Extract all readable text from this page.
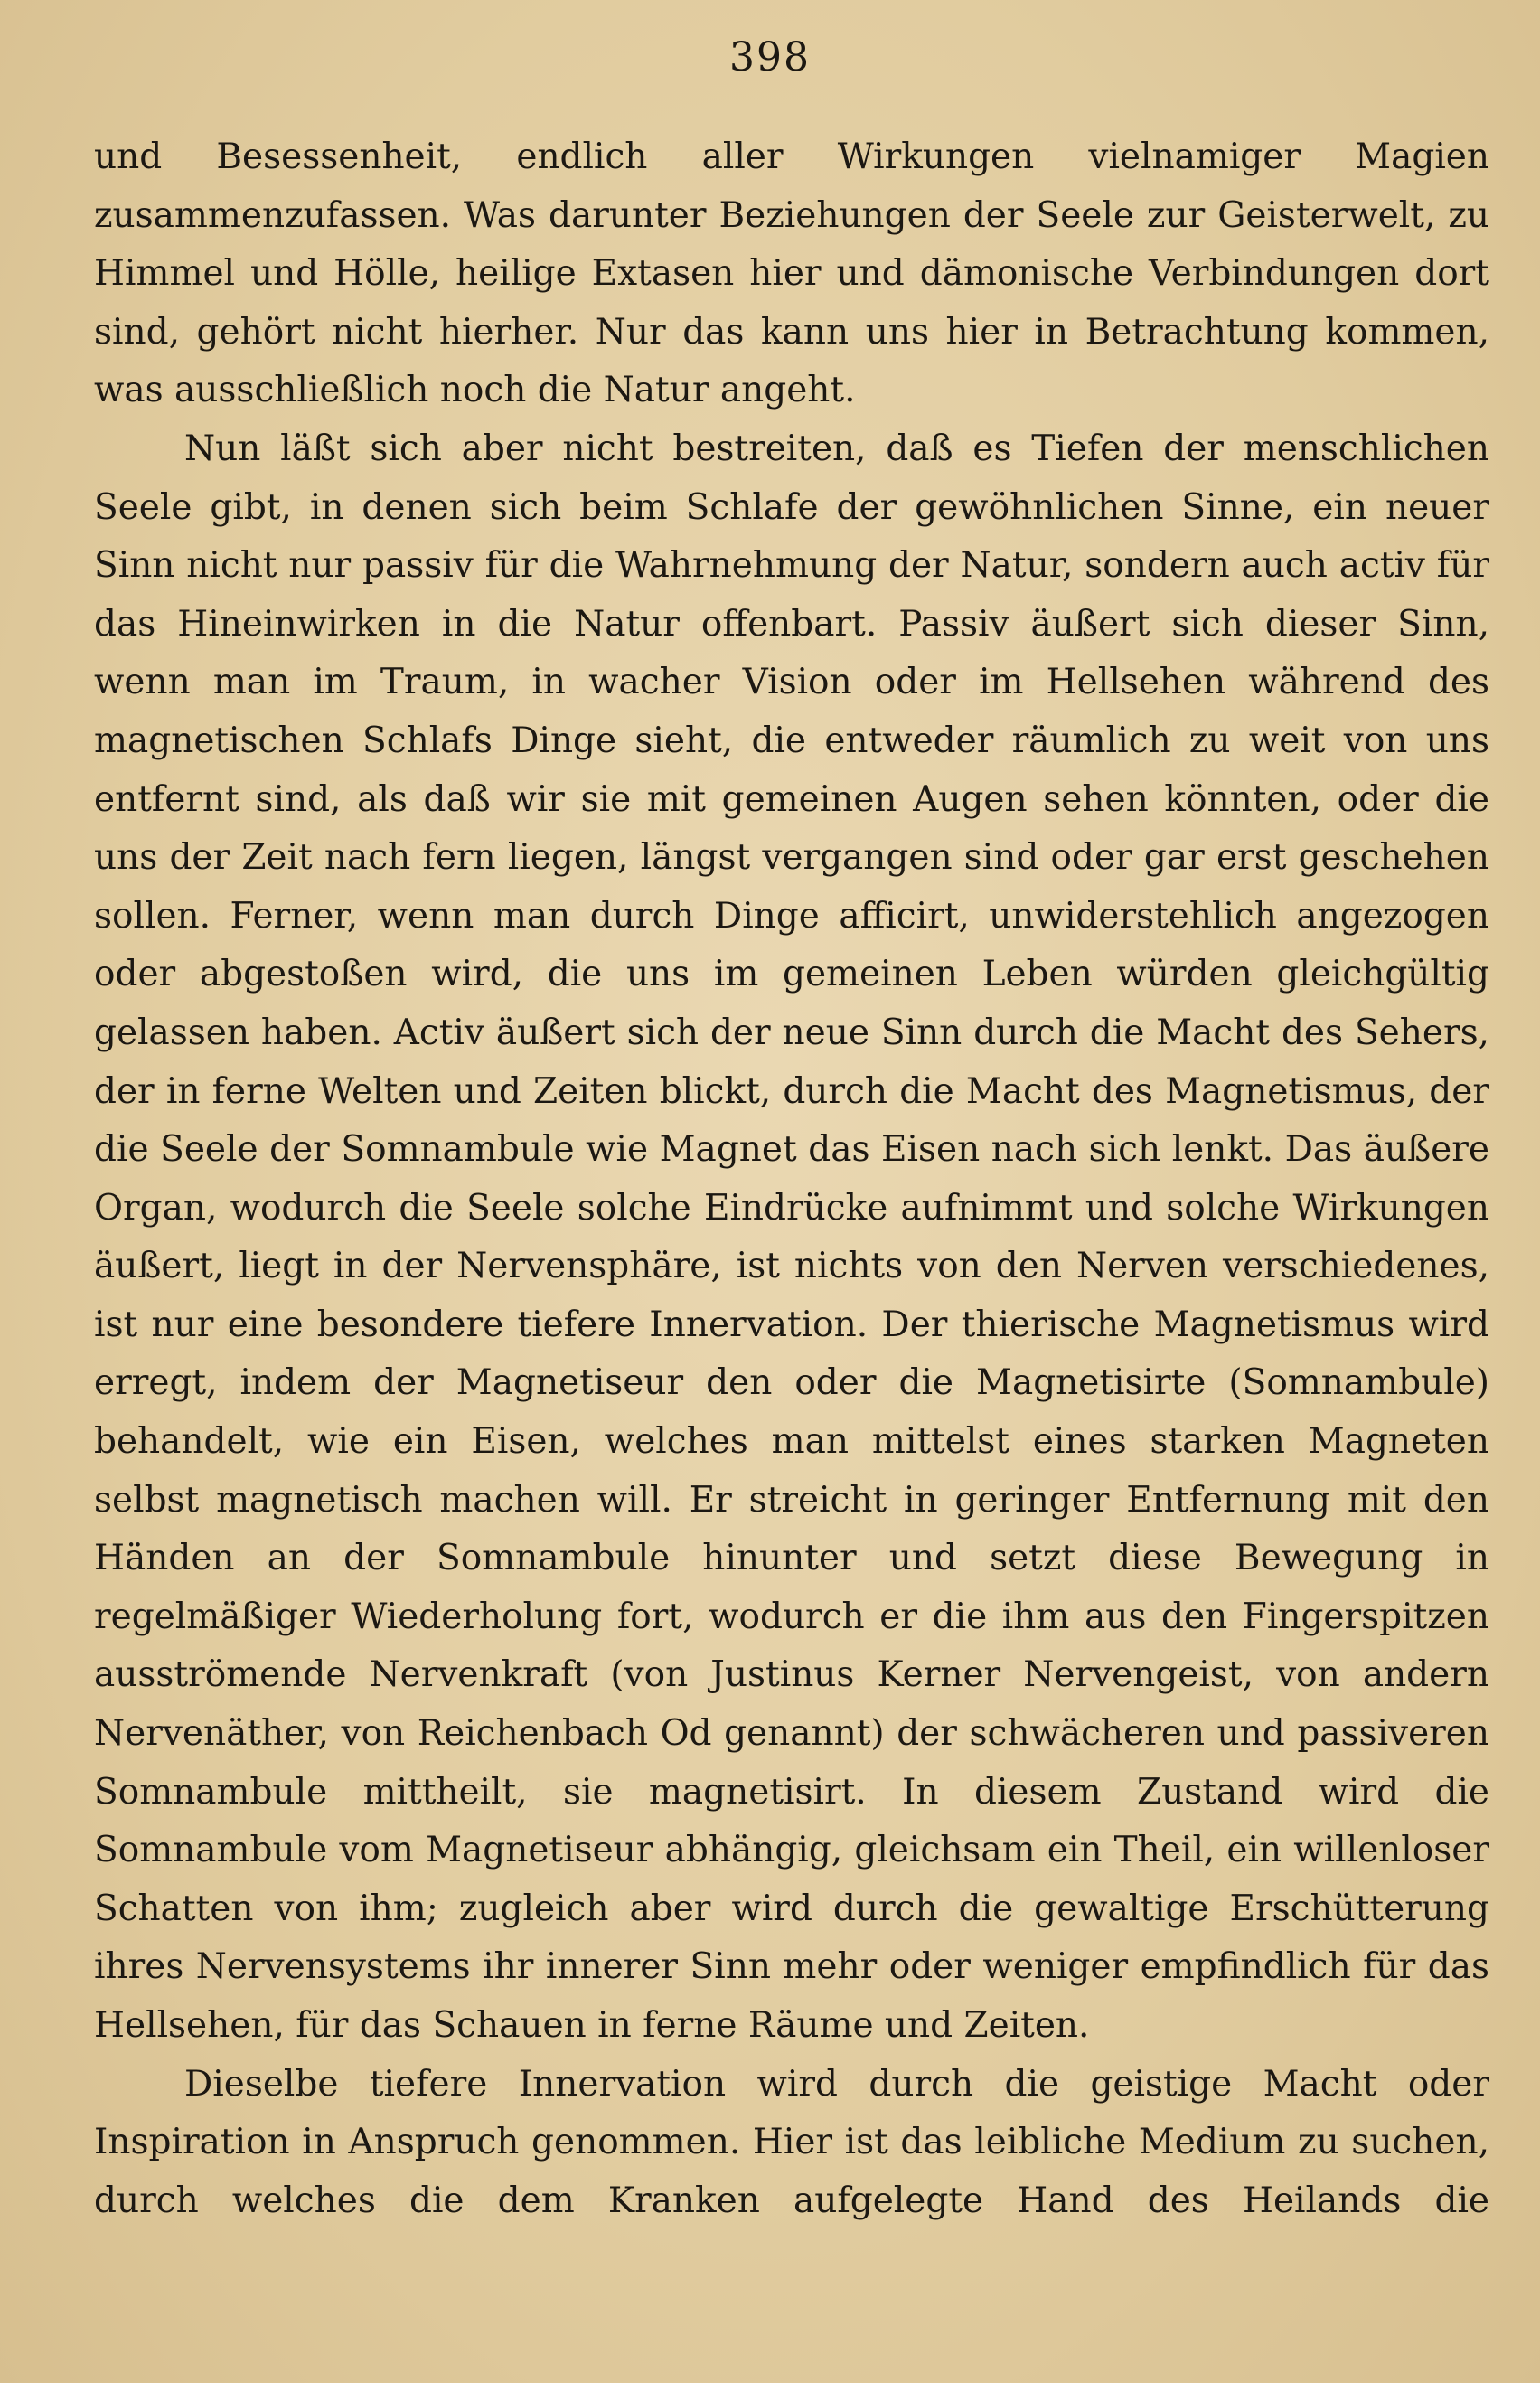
398

und Besessenheit, endlich aller Wirkungen vielnamiger Magien zusammenzufassen. Was darunter Beziehungen der Seele zur Geisterwelt, zu Himmel und Hölle, heilige Extasen hier und dämonische Verbindungen dort sind, gehört nicht hierher. Nur das kann uns hier in Betrachtung kommen, was ausschließlich noch die Natur angeht.

Nun läßt sich aber nicht bestreiten, daß es Tiefen der menschlichen Seele gibt, in denen sich beim Schlafe der gewöhnlichen Sinne, ein neuer Sinn nicht nur passiv für die Wahrnehmung der Natur, sondern auch activ für das Hineinwirken in die Natur offenbart. Passiv äußert sich dieser Sinn, wenn man im Traum, in wacher Vision oder im Hellsehen während des magnetischen Schlafs Dinge sieht, die entweder räumlich zu weit von uns entfernt sind, als daß wir sie mit gemeinen Augen sehen könnten, oder die uns der Zeit nach fern liegen, längst vergangen sind oder gar erst geschehen sollen. Ferner, wenn man durch Dinge afficirt, unwiderstehlich angezogen oder abgestoßen wird, die uns im gemeinen Leben würden gleichgültig gelassen haben. Activ äußert sich der neue Sinn durch die Macht des Sehers, der in ferne Welten und Zeiten blickt, durch die Macht des Magnetismus, der die Seele der Somnambule wie Magnet das Eisen nach sich lenkt. Das äußere Organ, wodurch die Seele solche Eindrücke aufnimmt und solche Wirkungen äußert, liegt in der Nervensphäre, ist nichts von den Nerven verschiedenes, ist nur eine besondere tiefere Innervation. Der thierische Magnetismus wird erregt, indem der Magnetiseur den oder die Magnetisirte (Somnambule) behandelt, wie ein Eisen, welches man mittelst eines starken Magneten selbst magnetisch machen will. Er streicht in geringer Entfernung mit den Händen an der Somnambule hinunter und setzt diese Bewegung in regelmäßiger Wiederholung fort, wodurch er die ihm aus den Fingerspitzen ausströmende Nervenkraft (von Justinus Kerner Nervengeist, von andern Nervenäther, von Reichenbach Od genannt) der schwächeren und passiveren Somnambule mittheilt, sie magnetisirt. In diesem Zustand wird die Somnambule vom Magnetiseur abhängig, gleichsam ein Theil, ein willenloser Schatten von ihm; zugleich aber wird durch die gewaltige Erschütterung ihres Nervensystems ihr innerer Sinn mehr oder weniger empfindlich für das Hellsehen, für das Schauen in ferne Räume und Zeiten.

Dieselbe tiefere Innervation wird durch die geistige Macht oder Inspiration in Anspruch genommen. Hier ist das leibliche Medium zu suchen, durch welches die dem Kranken aufgelegte Hand des Heilands die
